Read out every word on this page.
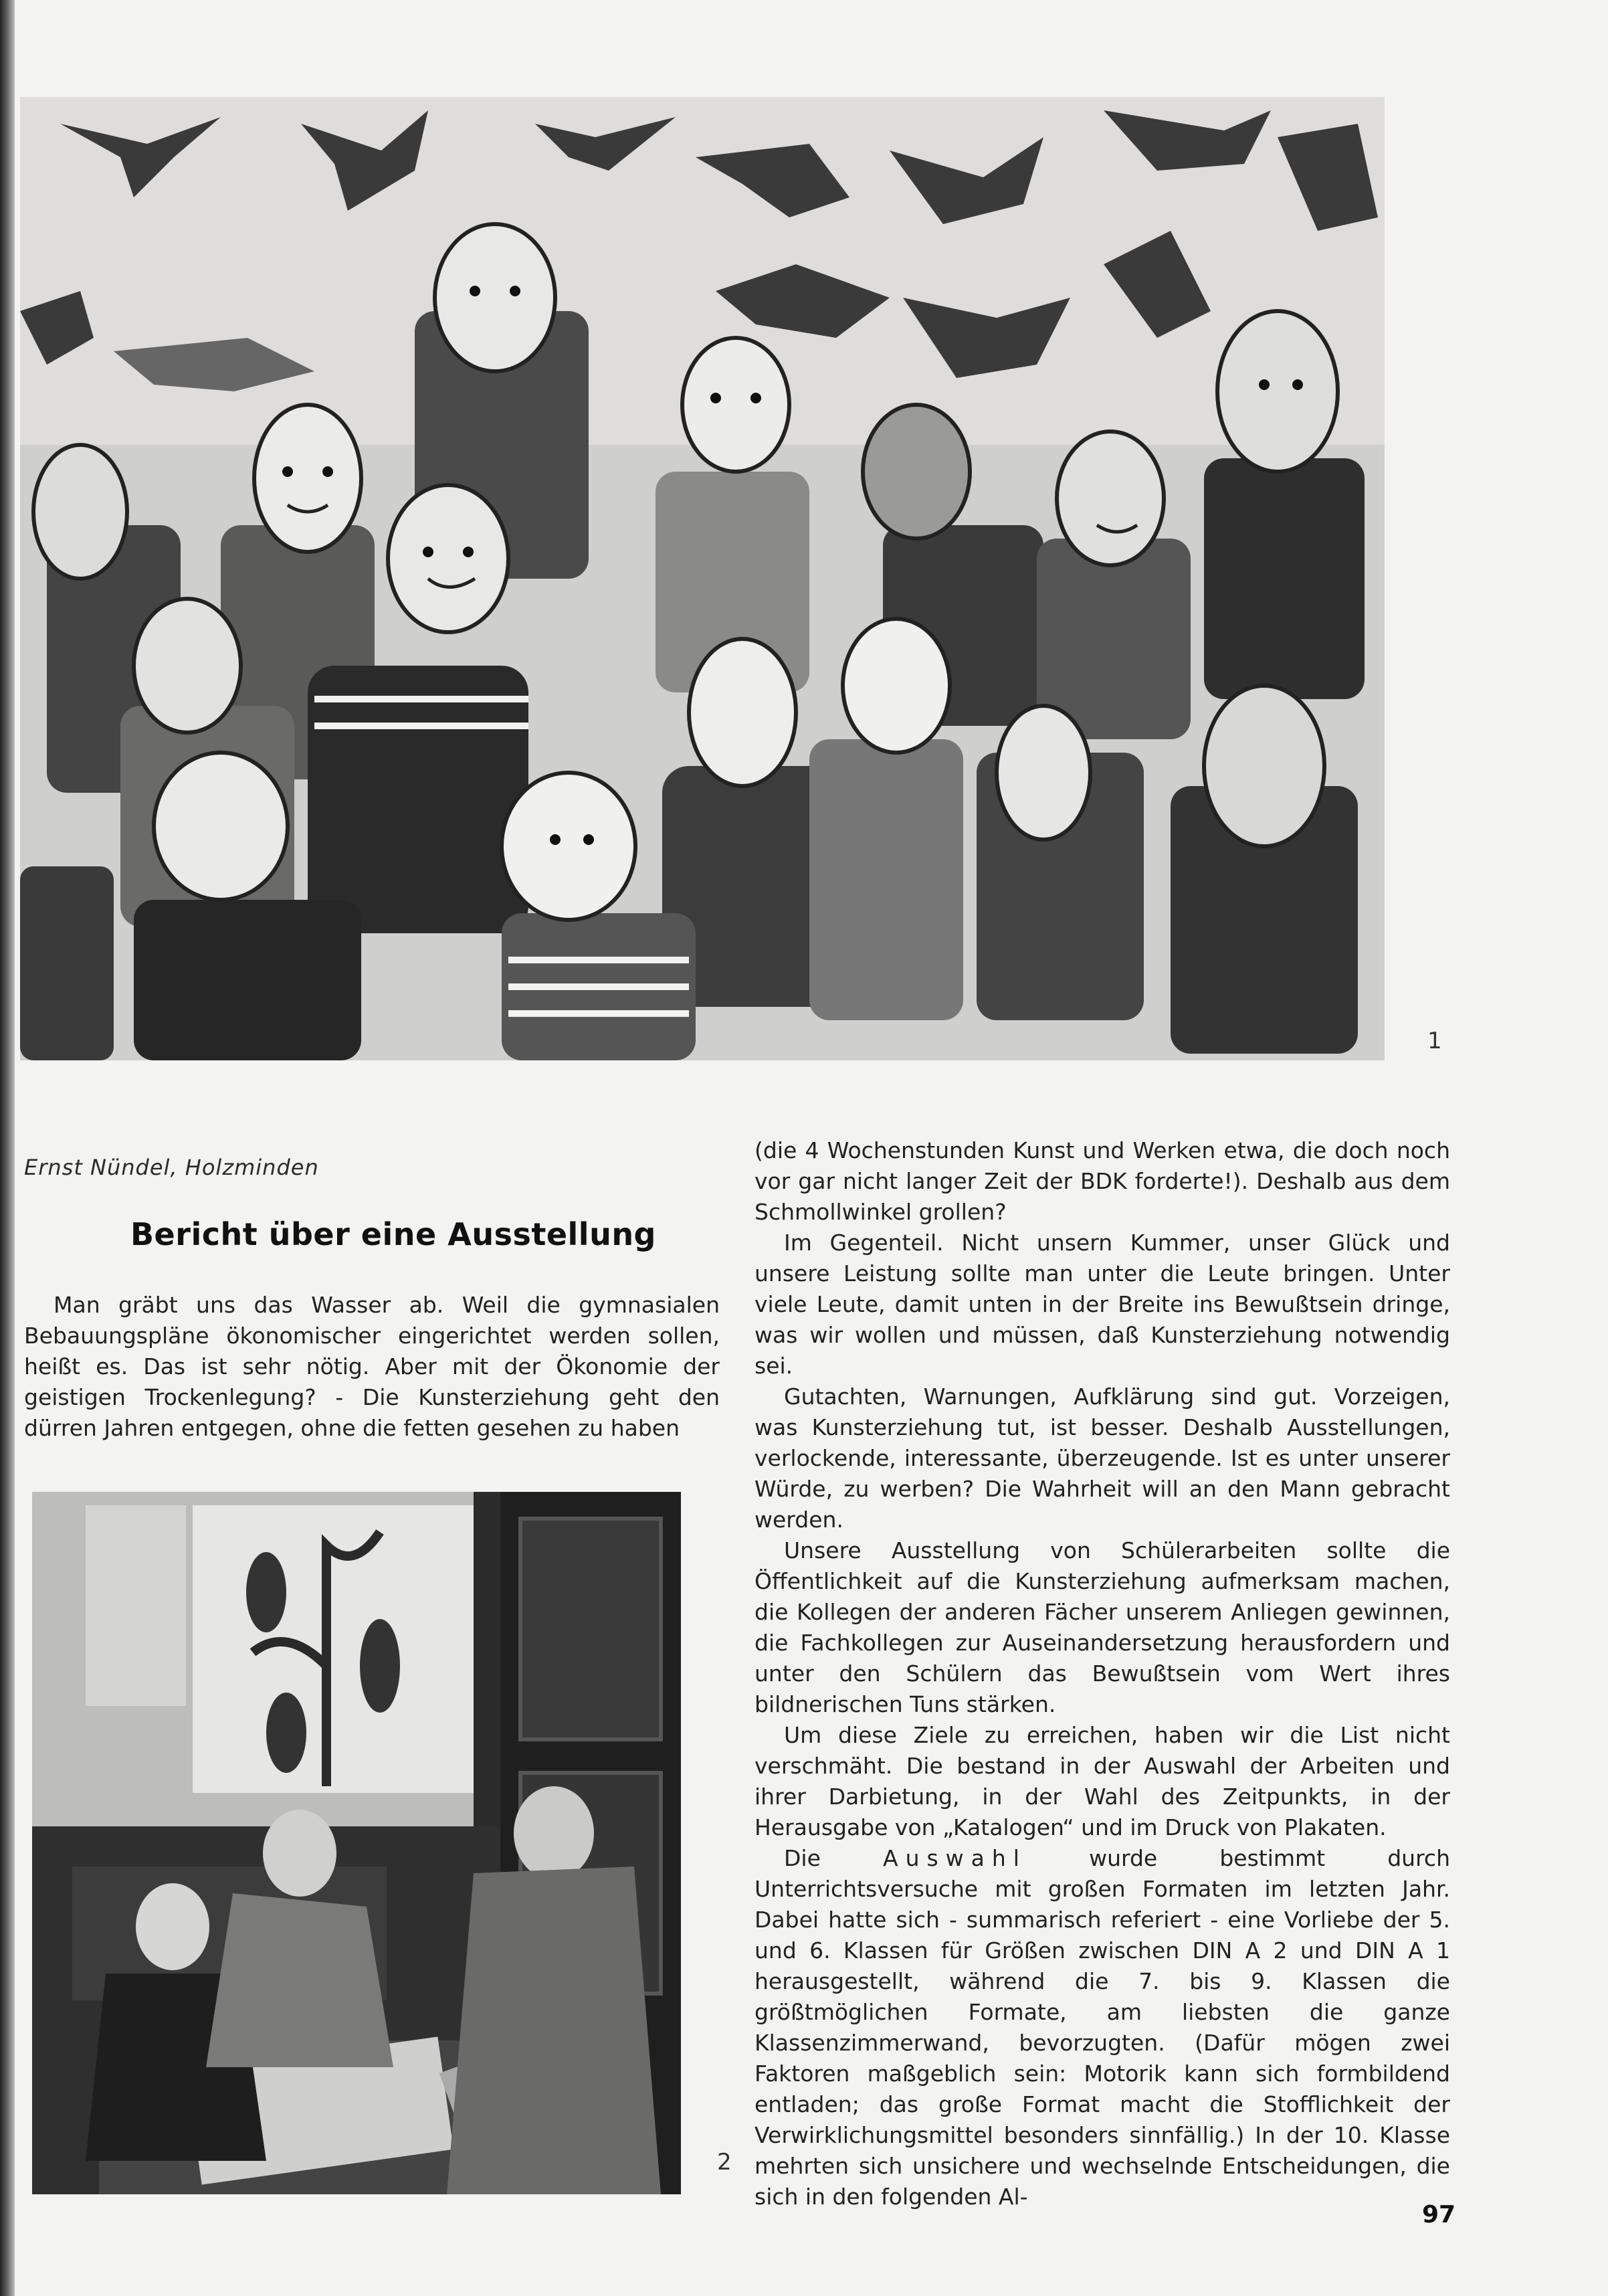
1
Ernst Nündel, Holzminden
Bericht über eine Ausstellung

Man gräbt uns das Wasser ab. Weil die gymnasialen Bebauungspläne ökonomischer eingerichtet werden sollen, heißt es. Das ist sehr nötig. Aber mit der Ökonomie der geistigen Trockenlegung? - Die Kunsterziehung geht den dürren Jahren entgegen, ohne die fetten gesehen zu haben

2

(die 4 Wochenstunden Kunst und Werken etwa, die doch noch vor gar nicht langer Zeit der BDK forderte!). Deshalb aus dem Schmollwinkel grollen?

Im Gegenteil. Nicht unsern Kummer, unser Glück und unsere Leistung sollte man unter die Leute bringen. Unter viele Leute, damit unten in der Breite ins Bewußtsein dringe, was wir wollen und müssen, daß Kunsterziehung notwendig sei.

Gutachten, Warnungen, Aufklärung sind gut. Vorzeigen, was Kunsterziehung tut, ist besser. Deshalb Ausstellungen, verlockende, interessante, überzeugende. Ist es unter unserer Würde, zu werben? Die Wahrheit will an den Mann gebracht werden.

Unsere Ausstellung von Schülerarbeiten sollte die Öffentlichkeit auf die Kunsterziehung aufmerksam machen, die Kollegen der anderen Fächer unserem Anliegen gewinnen, die Fachkollegen zur Auseinandersetzung herausfordern und unter den Schülern das Bewußtsein vom Wert ihres bildnerischen Tuns stärken.

Um diese Ziele zu erreichen, haben wir die List nicht verschmäht. Die bestand in der Auswahl der Arbeiten und ihrer Darbietung, in der Wahl des Zeitpunkts, in der Herausgabe von „Katalogen“ und im Druck von Plakaten.

Die	Auswahl	wurde bestimmt durch Unterrichtsversuche mit großen Formaten im letzten Jahr. Dabei hatte sich - summarisch referiert - eine Vorliebe der 5. und 6. Klassen für Größen zwischen DIN A 2 und DIN A 1 herausgestellt, während die 7. bis 9. Klassen die größtmöglichen Formate, am liebsten die ganze Klassenzimmerwand, bevorzugten. (Dafür mögen zwei Faktoren maßgeblich sein: Motorik kann sich formbildend entladen; das große Format macht die Stofflichkeit der Verwirklichungsmittel besonders sinnfällig.) In der 10. Klasse mehrten sich unsichere und wechselnde Entscheidungen, die sich in den folgenden Al-

97
